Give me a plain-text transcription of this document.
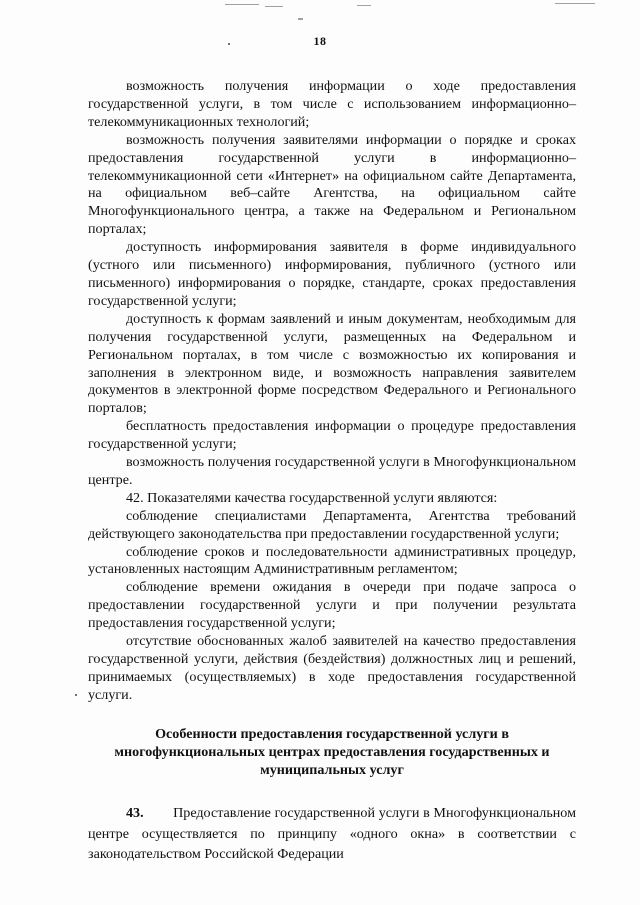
18

возможность получения информации о ходе предоставления государственной услуги, в том числе с использованием информационно–телекоммуникационных технологий;

возможность получения заявителями информации о порядке и сроках предоставления государственной услуги в информационно–телекоммуникационной сети «Интернет» на официальном сайте Департамента, на официальном веб–сайте Агентства, на официальном сайте Многофункционального центра, а также на Федеральном и Региональном порталах;

доступность информирования заявителя в форме индивидуального (устного или письменного) информирования, публичного (устного или письменного) информирования о порядке, стандарте, сроках предоставления государственной услуги;

доступность к формам заявлений и иным документам, необходимым для получения государственной услуги, размещенных на Федеральном и Региональном порталах, в том числе с возможностью их копирования и заполнения в электронном виде, и возможность направления заявителем документов в электронной форме посредством Федерального и Регионального порталов;

бесплатность предоставления информации о процедуре предоставления государственной услуги;

возможность получения государственной услуги в Многофункциональном центре.

42. Показателями качества государственной услуги являются:

соблюдение специалистами Департамента, Агентства требований действующего законодательства при предоставлении государственной услуги;

соблюдение сроков и последовательности административных процедур, установленных настоящим Административным регламентом;

соблюдение времени ожидания в очереди при подаче запроса о предоставлении государственной услуги и при получении результата предоставления государственной услуги;

отсутствие обоснованных жалоб заявителей на качество предоставления государственной услуги, действия (бездействия) должностных лиц и решений, принимаемых (осуществляемых) в ходе предоставления государственной услуги.

Особенности предоставления государственной услуги в многофункциональных центрах предоставления государственных и муниципальных услуг

43. Предоставление государственной услуги в Многофункциональном центре осуществляется по принципу «одного окна» в соответствии с законодательством Российской Федерации
